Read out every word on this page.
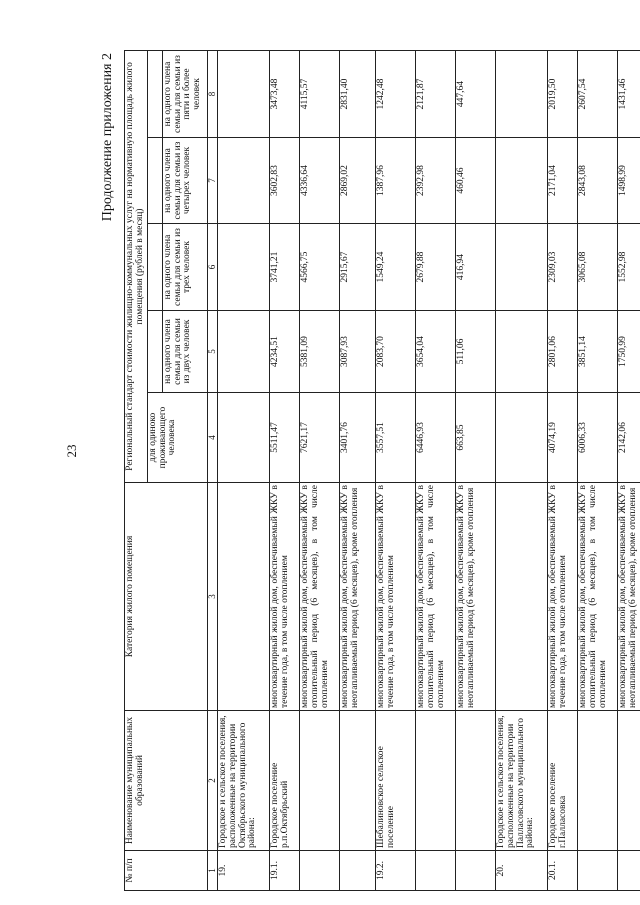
23
Продолжение приложения 2
№ п/п	Наименование муниципальных образований	Категория жилого помещения	Региональный стандарт стоимости жилищно-коммунальных услуг на нормативную площадь жилого помещения (рублей в месяц)				
			для одиноко проживающего человека				
				на одного члена семьи для семьи из двух человек	на одного члена семьи для семьи из трех человек	на одного члена семьи для семьи из четырех человек	на одного члена семьи для семьи из пяти и более человек
1	2	3	4	5	6	7	8
19.	Городское и сельское поселения, расположенные на территории Октябрьского муниципального района:						
19.1.	Городское поселение р.п.Октябрьский	многоквартирный жилой дом, обеспечиваемый ЖКУ в течение года, в том числе отоплением	5511,47	4234,51	3741,21	3602,83	3473,48
		многоквартирный жилой дом, обеспечиваемый ЖКУ в отопительный период (6 месяцев), в том числе отоплением	7621,17	5381,09	4566,75	4336,64	4115,57
		многоквартирный жилой дом, обеспечиваемый ЖКУ в неотапливаемый период (6 месяцев), кроме отопления	3401,76	3087,93	2915,67	2869,02	2831,40
19.2.	Шебалиновское сельское поселение	многоквартирный жилой дом, обеспечиваемый ЖКУ в течение года, в том числе отоплением	3557,51	2083,70	1549,24	1387,96	1242,48
		многоквартирный жилой дом, обеспечиваемый ЖКУ в отопительный период (6 месяцев), в том числе отоплением	6446,93	3654,04	2679,88	2392,98	2121,87
		многоквартирный жилой дом, обеспечиваемый ЖКУ в неотапливаемый период (6 месяцев), кроме отопления	663,85	511,06	416,94	460,46	447,64
20.	Городское и сельское поселения, расположенные на территории Палласовского муниципального района:						
20.1.	Городское поселение г.Палласовка	многоквартирный жилой дом, обеспечиваемый ЖКУ в течение года, в том числе отоплением	4074,19	2801,06	2309,03	2171,04	2019,50
		многоквартирный жилой дом, обеспечиваемый ЖКУ в отопительный период (6 месяцев), в том числе отоплением	6006,33	3851,14	3065,08	2843,08	2607,54
		многоквартирный жилой дом, обеспечиваемый ЖКУ в неотапливаемый период (6 месяцев), кроме отопления	2142,06	1750,99	1552,98	1498,99	1431,46
